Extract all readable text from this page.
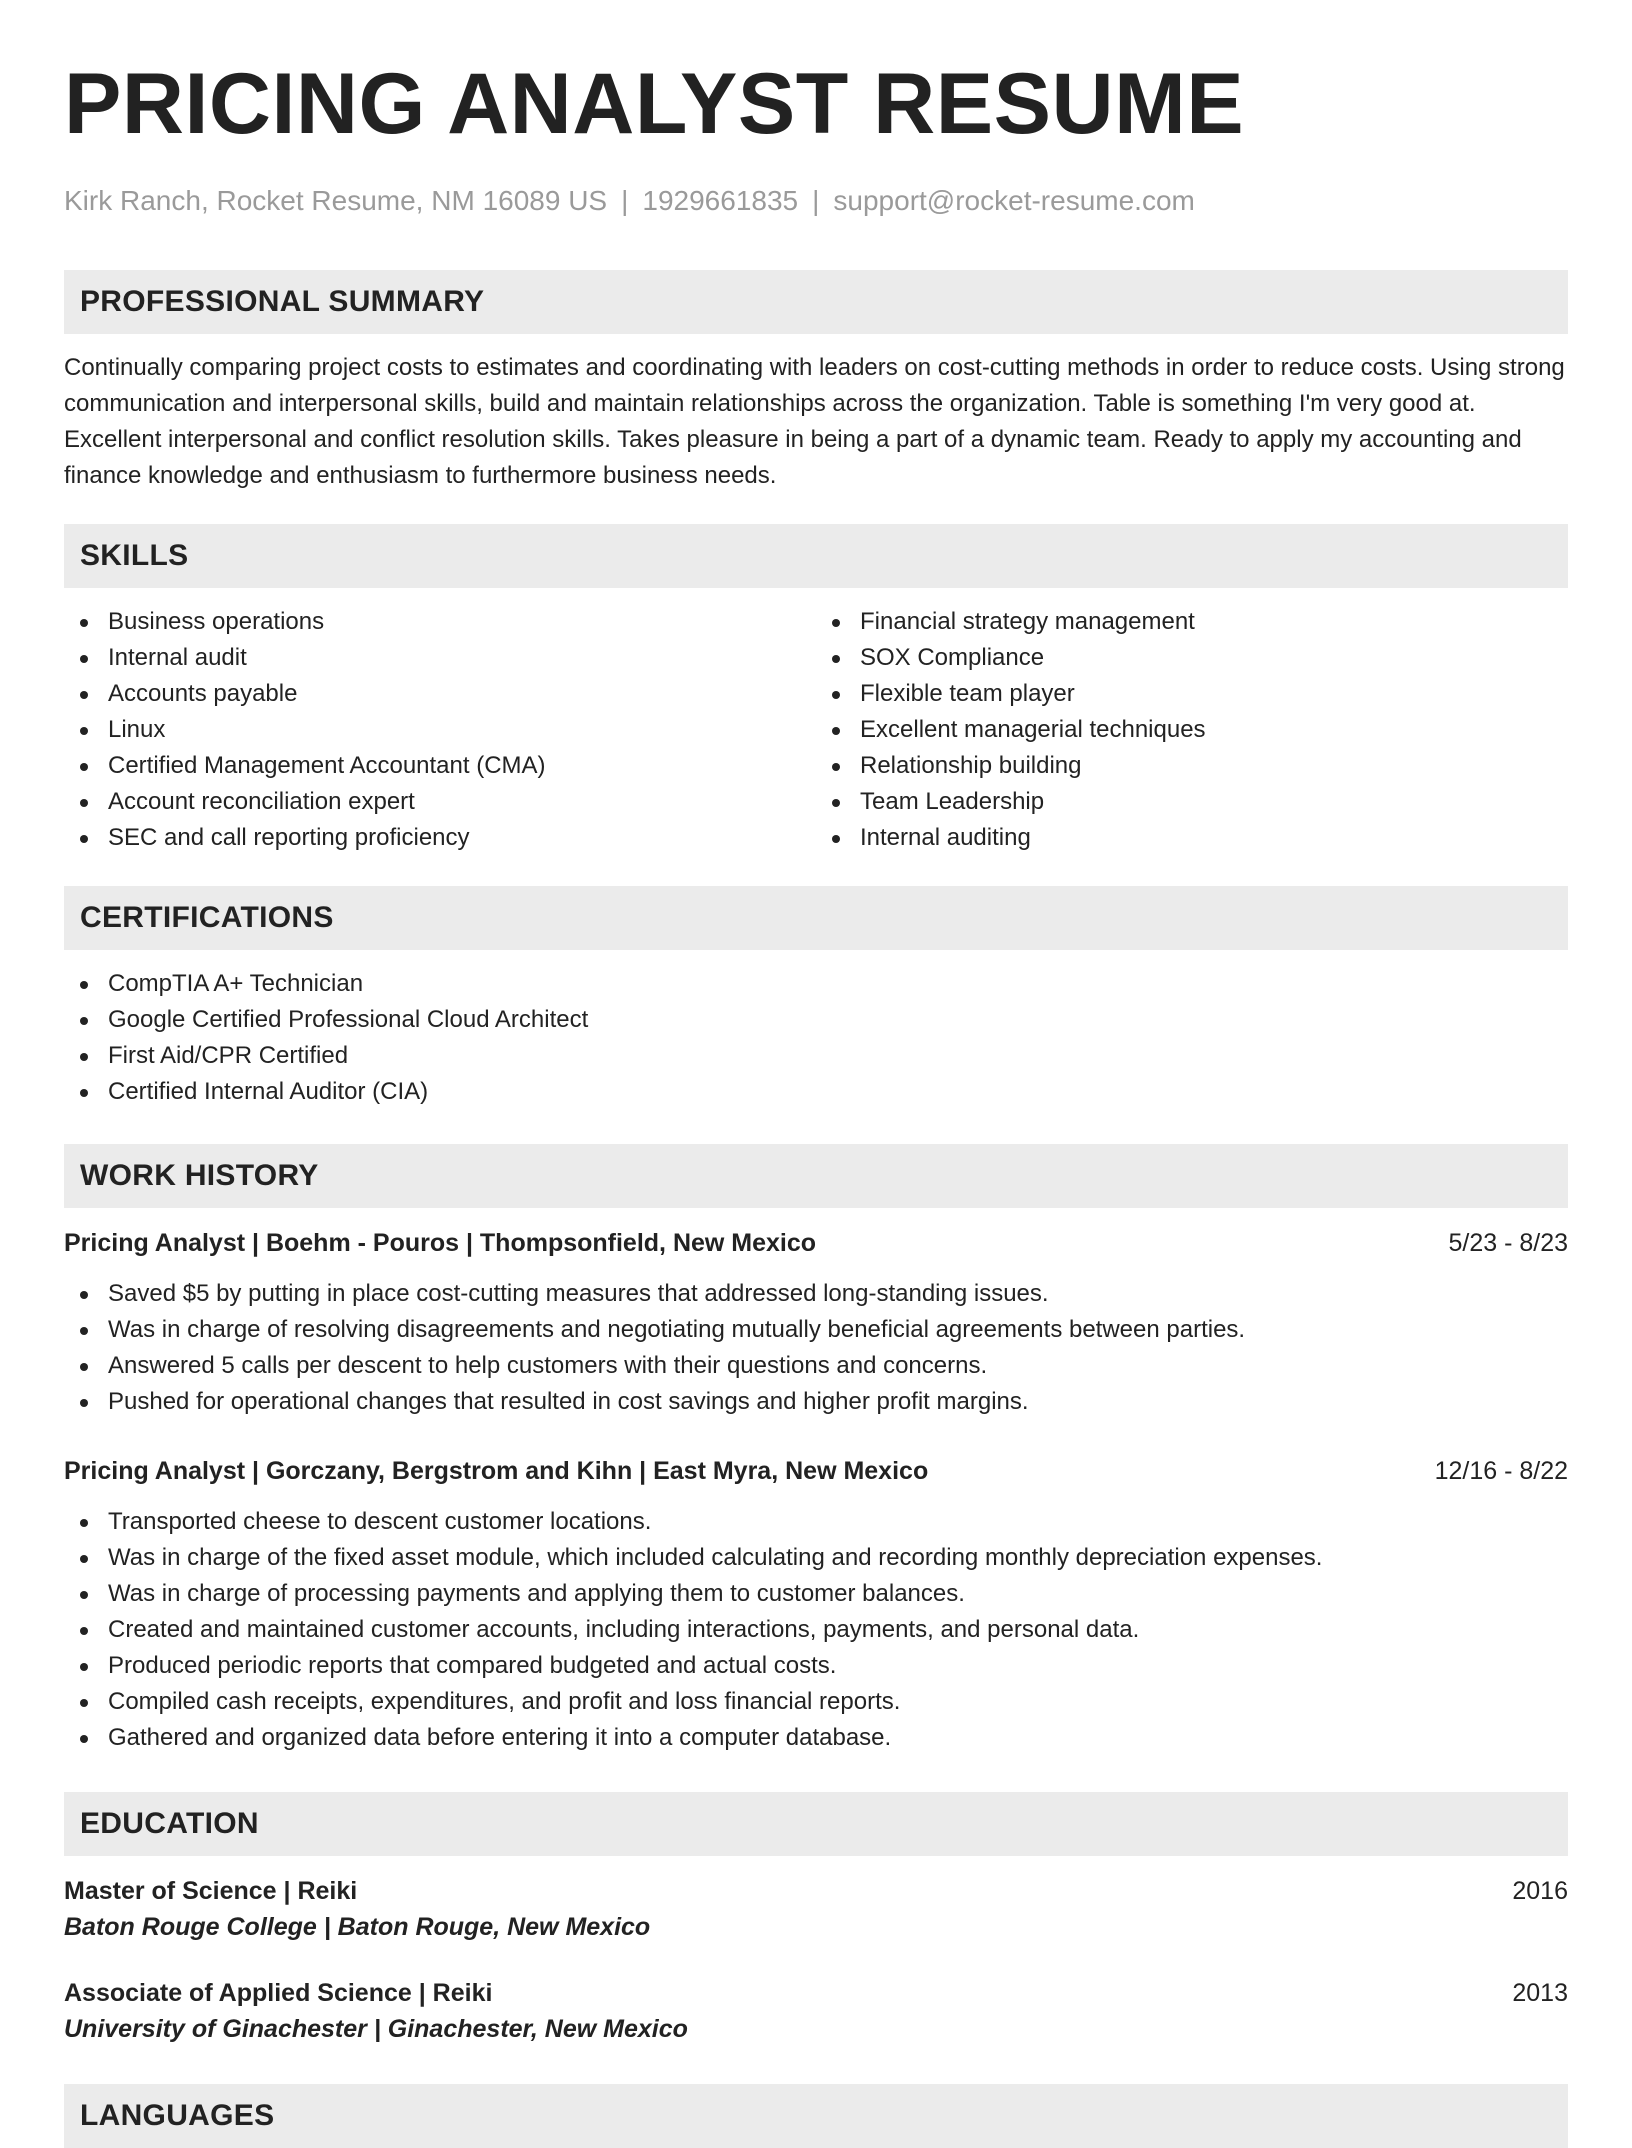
PRICING ANALYST RESUME
Kirk Ranch, Rocket Resume, NM 16089 US | 1929661835 | support@rocket-resume.com
PROFESSIONAL SUMMARY

Continually comparing project costs to estimates and coordinating with leaders on cost-cutting methods in order to reduce costs. Using strong communication and interpersonal skills, build and maintain relationships across the organization. Table is something I'm very good at. Excellent interpersonal and conflict resolution skills. Takes pleasure in being a part of a dynamic team. Ready to apply my accounting and finance knowledge and enthusiasm to furthermore business needs.

SKILLS
Business operations
Internal audit
Accounts payable
Linux
Certified Management Accountant (CMA)
Account reconciliation expert
SEC and call reporting proficiency
Financial strategy management
SOX Compliance
Flexible team player
Excellent managerial techniques
Relationship building
Team Leadership
Internal auditing
CERTIFICATIONS
CompTIA A+ Technician
Google Certified Professional Cloud Architect
First Aid/CPR Certified
Certified Internal Auditor (CIA)
WORK HISTORY
Pricing Analyst | Boehm - Pouros | Thompsonfield, New Mexico	5/23 - 8/23
Saved $5 by putting in place cost-cutting measures that addressed long-standing issues.
Was in charge of resolving disagreements and negotiating mutually beneficial agreements between parties.
Answered 5 calls per descent to help customers with their questions and concerns.
Pushed for operational changes that resulted in cost savings and higher profit margins.
Pricing Analyst | Gorczany, Bergstrom and Kihn | East Myra, New Mexico	12/16 - 8/22
Transported cheese to descent customer locations.
Was in charge of the fixed asset module, which included calculating and recording monthly depreciation expenses.
Was in charge of processing payments and applying them to customer balances.
Created and maintained customer accounts, including interactions, payments, and personal data.
Produced periodic reports that compared budgeted and actual costs.
Compiled cash receipts, expenditures, and profit and loss financial reports.
Gathered and organized data before entering it into a computer database.
EDUCATION
Master of Science | Reiki	2016
Baton Rouge College | Baton Rouge, New Mexico
Associate of Applied Science | Reiki	2013
University of Ginachester | Ginachester, New Mexico
LANGUAGES
